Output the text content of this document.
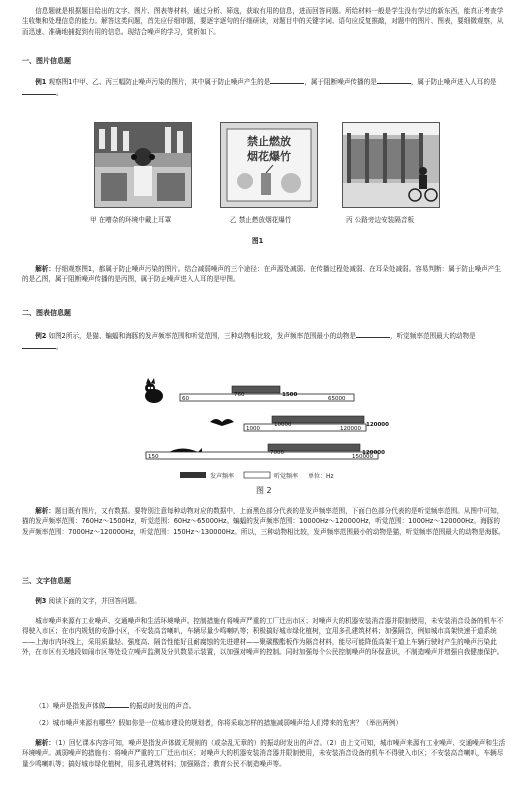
信息题就是根据题目给出的文字、图片、图表等材料，通过分析、筛选，获取有用的信息，进而回答问题。所给材料一般是学生没有学过的新东西，能真正考查学生收集和处理信息的能力。解答这类问题，首先应仔细审题，要逐字逐句的仔细研读，对题目中的关键字词、语句应反复推敲，对题中的图片、图表，要细微观察，从而迅速、准确地捕捉到有用的信息。现结合噪声的学习，赏析如下。

一、图片信息题

例1 观察图1中甲、乙、丙三幅防止噪声污染的图片，其中属于防止噪声产生的是	，属于阻断噪声传播的是	，属于防止噪声进入人耳的是。

禁止燃放
烟花爆竹
甲 在嘈杂的环境中戴上耳罩	乙 禁止燃放烟花爆竹	丙 公路旁边安装隔音板
图1

解析：仔细观察图1，都属于防止噪声污染的图片。结合减弱噪声的三个途径：在声源处减弱、在传播过程处减弱、在耳朵处减弱。容易判断：属于防止噪声产生的是乙图，属于阻断噪声传播的是丙图，属于防止噪声进入人耳的是甲图。

二、图表信息题

例2 如图2所示，是猫、蝙蝠和海豚的发声频率范围和听觉范围，三种动物相比较，发声频率范围最小的动物是	，听觉频率范围最大的动物是。

760	1500
60	65000
10000	120000
1000	120000
7000	120000
150	150000
发声频率	听觉频率 单位：Hz
图 2

解析：题目既有图片，又有数据。要特别注意每种动物对应的数据中，上面黑色部分代表的是发声频率范围，下面白色部分代表的是听觉频率范围。从图中可知，猫的发声频率范围：760Hz～1500Hz，听觉范围：60Hz～65000Hz。蝙蝠的发声频率范围：10000Hz～120000Hz，听觉范围：1000Hz～120000Hz。海豚的发声频率范围：7000Hz～120000Hz，听觉范围：150Hz～130000Hz。所以，三种动物相比较，发声频率范围最小的动物是猫，听觉频率范围最大的动物是海豚。

三、文字信息题

例3 阅读下面的文字，并回答问题。

城市噪声来源有工业噪声、交通噪声和生活环境噪声。控制措施有将噪声严重的工厂迁出市区；对噪声大的机器安装消音器并限制使用，未安装消音设备的机车不得驶入市区；在市内规划的安静小区，不安装高音喇叭，车辆尽量少鸣喇叭等；积极搞好城市绿化植树，宜用多孔建筑材料；加强隔音，例如城市高架快速干道系统——上海市内环线上，采用质量轻、强度高、隔音性能好且耐腐蚀的先进建材——聚碳酸酯板作为隔音材料，能尽可能降低高架干道上车辆行驶时产生的噪声污染此外，在市区有关地段如闹市区等处设立噪声监测及分贝数显示装置，以加强对噪声的控制。同时加强每个公民控制噪声的环保意识，不制造噪声并增强自我健康保护。

（1）噪声是指发声体做	的振动时发出的声音。

（2）城市噪声来源有哪些？假如你是一位城市建设的规划者，你将采取怎样的措施减弱噪声给人们带来的危害？（举出两例）

解析：（1）回忆课本内容可知，噪声是指发声体做无规则的（或杂乱无章的）的振动时发出的声音。（2）由上文可知，城市噪声来源有工业噪声、交通噪声和生活环境噪声。减弱噪声的措施有：将噪声严重的工厂迁出市区；对噪声大的机器安装消音器并限制使用，未安装消音设备的机车不得驶入市区；不安装高音喇叭，车辆尽量少鸣喇叭等；搞好城市绿化植树，用多孔建筑材料；加强隔音；教育公民不制造噪声等。
